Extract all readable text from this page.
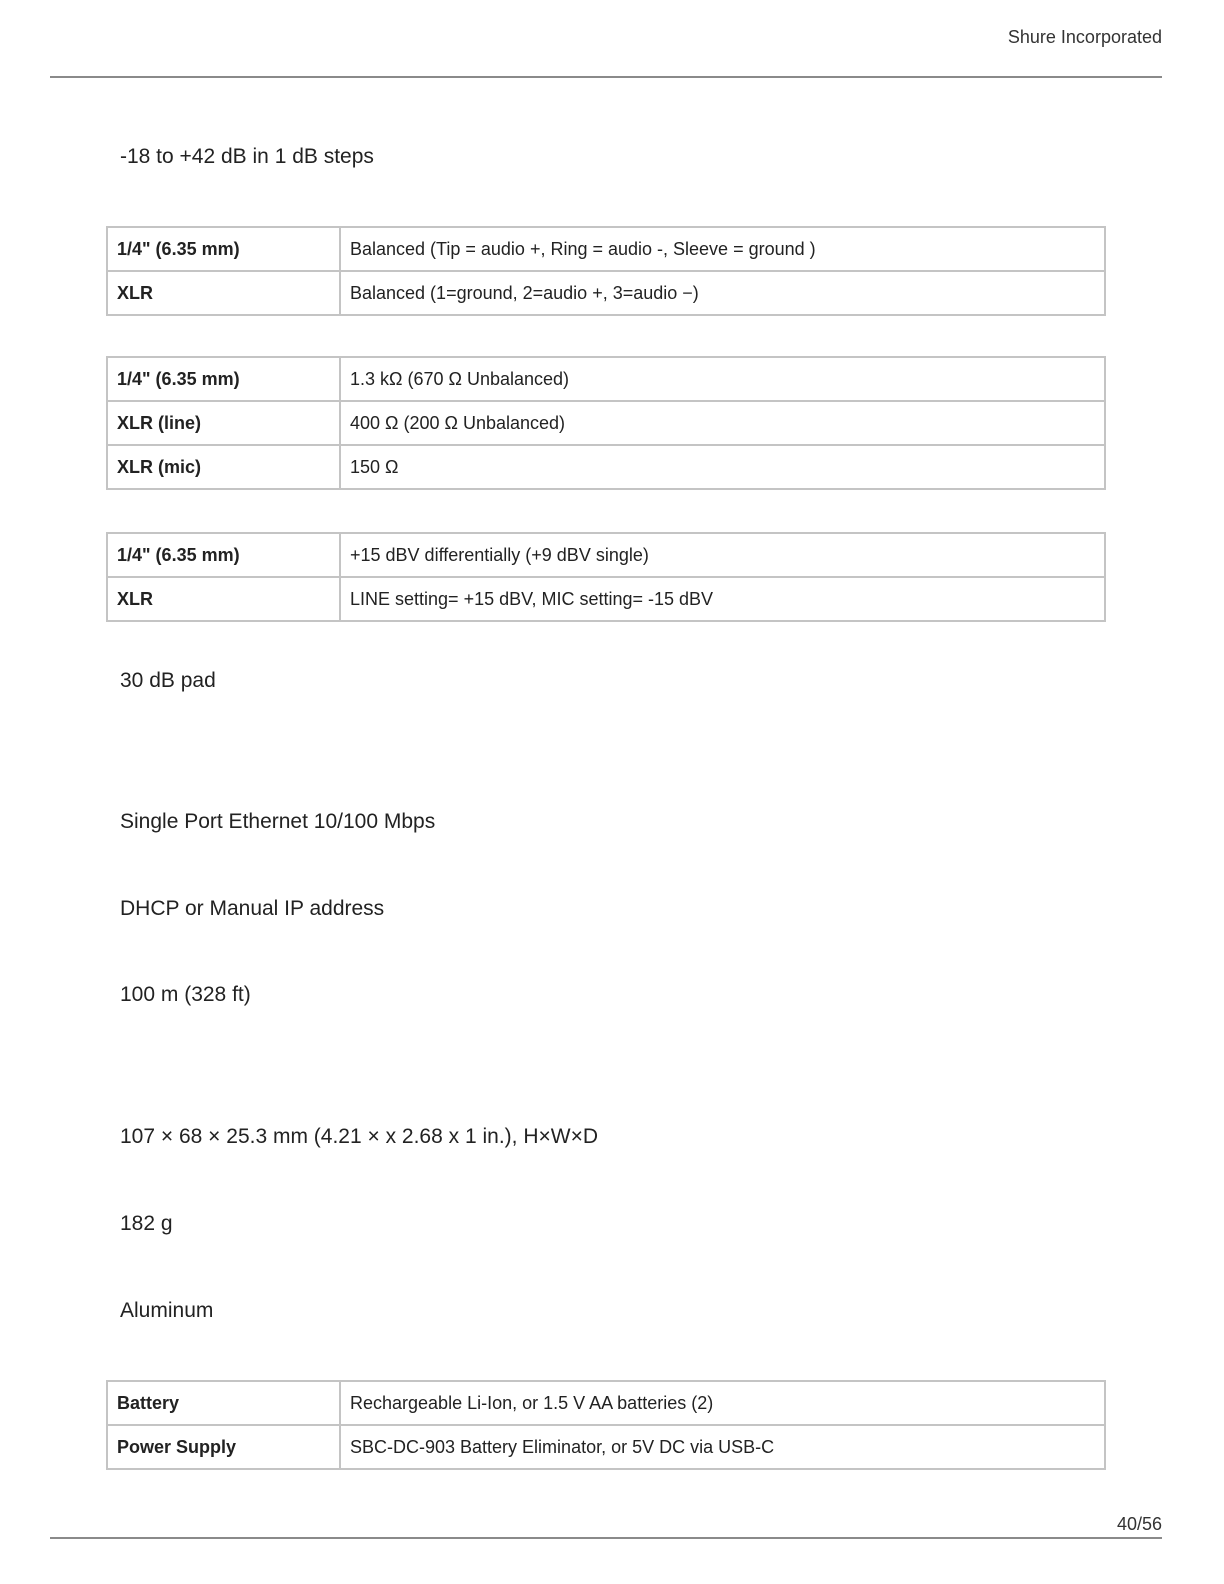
Shure Incorporated
-18 to +42 dB in 1 dB steps
1/4" (6.35 mm)	Balanced (Tip = audio +, Ring = audio -, Sleeve = ground )
XLR	Balanced (1=ground, 2=audio +, 3=audio −)
1/4" (6.35 mm)	1.3 kΩ (670 Ω Unbalanced)
XLR (line)	400 Ω (200 Ω Unbalanced)
XLR (mic)	150 Ω
1/4" (6.35 mm)	+15 dBV differentially (+9 dBV single)
XLR	LINE setting= +15 dBV, MIC setting= -15 dBV
30 dB pad
Single Port Ethernet 10/100 Mbps
DHCP or Manual IP address
100 m (328 ft)
107 × 68 × 25.3 mm (4.21 × x 2.68 x 1 in.), H×W×D
182 g
Aluminum
Battery	Rechargeable Li-Ion, or 1.5 V AA batteries (2)
Power Supply	SBC-DC-903 Battery Eliminator, or 5V DC via USB-C
40/56
